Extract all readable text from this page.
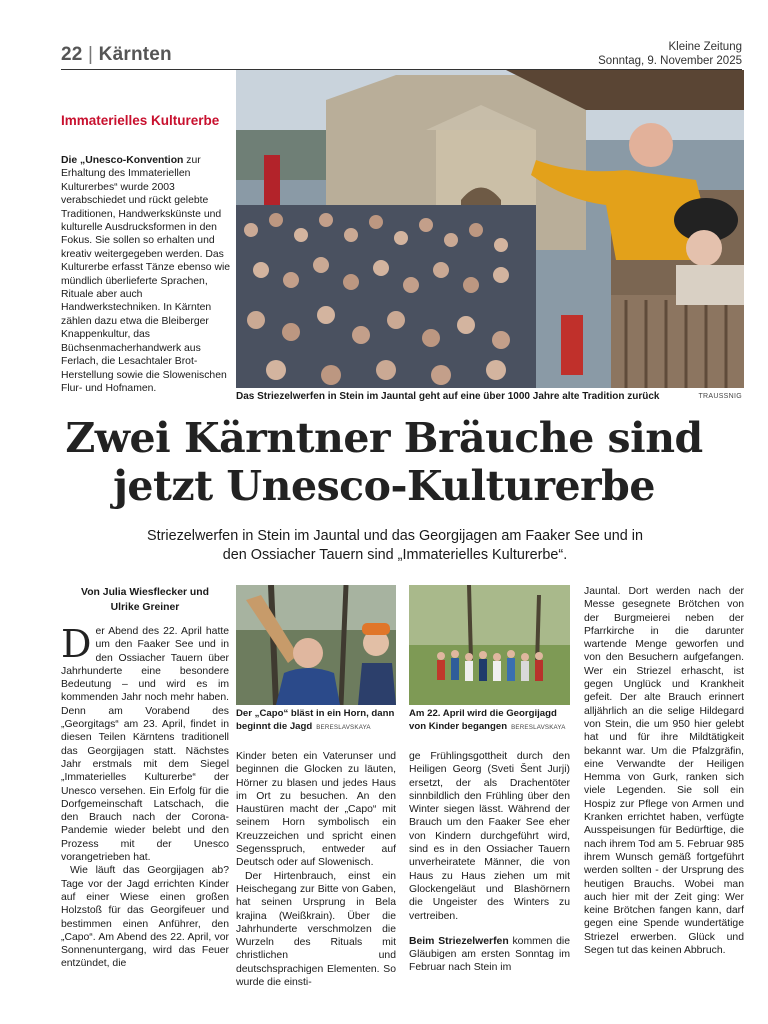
22 | Kärnten	Kleine Zeitung
Sonntag, 9. November 2025
Immaterielles Kulturerbe
Die „Unesco-Konvention zur Erhaltung des Immateriellen Kulturerbes“ wurde 2003 verabschiedet und rückt gelebte Traditionen, Handwerkskünste und kulturelle Ausdrucksformen in den Fokus. Sie sollen so erhalten und kreativ weitergegeben werden. Das Kulturerbe erfasst Tänze ebenso wie mündlich überlieferte Sprachen, Rituale aber auch Handwerkstechniken. In Kärnten zählen dazu etwa die Bleiberger Knappenkultur, das Büchsenmacherhandwerk aus Ferlach, die Lesachtaler Brot-Herstellung sowie die Slowenischen Flur- und Hofnamen.
Das Striezelwerfen in Stein im Jauntal geht auf eine über 1000 Jahre alte Tradition zurück	TRAUSSNIG
Zwei Kärntner Bräuche sind
jetzt Unesco-Kulturerbe
Striezelwerfen in Stein im Jauntal und das Georgijagen am Faaker See und in den Ossiacher Tauern sind „Immaterielles Kulturerbe“.
Von Julia Wiesflecker und
Ulrike Greiner
D er Abend des 22. April hatte um den Faaker See und in den Ossiacher Tauern über Jahrhunderte eine besondere Bedeutung – und wird es im kommenden Jahr noch mehr haben. Denn am Vorabend des „Georgitags“ am 23. April, findet in diesen Teilen Kärntens traditionell das Georgijagen statt. Nächstes Jahr erstmals mit dem Siegel „Immaterielles Kulturerbe“ der Unesco versehen. Ein Erfolg für die Dorfgemeinschaft Latschach, die den Brauch nach der Corona-Pandemie wieder belebt und den Prozess mit der Unesco vorangetrieben hat.
Wie läuft das Georgijagen ab? Tage vor der Jagd errichten Kinder auf einer Wiese einen großen Holzstoß für das Georgifeuer und bestimmen einen Anführer, den „Capo“. Am Abend des 22. April, vor Sonnenuntergang, wird das Feuer entzündet, die
Der „Capo“ bläst in ein Horn, dann beginnt die Jagd BERESLAVSKAYA
Am 22. April wird die Georgijagd von Kinder begangen BERESLAVSKAYA
Kinder beten ein Vaterunser und beginnen die Glocken zu läuten, Hörner zu blasen und jedes Haus im Ort zu besuchen. An den Haustüren macht der „Capo“ mit seinem Horn symbolisch ein Kreuzzeichen und spricht einen Segensspruch, entweder auf Deutsch oder auf Slowenisch.
Der Hirtenbrauch, einst ein Heischegang zur Bitte von Gaben, hat seinen Ursprung in Bela krajina (Weißkrain). Über die Jahrhunderte verschmolzen die Wurzeln des Rituals mit christlichen und deutschsprachigen Elementen. So wurde die einsti-
ge Frühlingsgottheit durch den Heiligen Georg (Sveti Šent Jurji) ersetzt, der als Drachentöter sinnbildlich den Frühling über den Winter siegen lässt. Während der Brauch um den Faaker See eher von Kindern durchgeführt wird, sind es in den Ossiacher Tauern unverheiratete Männer, die von Haus zu Haus ziehen um mit Glockengeläut und Blashörnern die Ungeister des Winters zu vertreiben.
Beim Striezelwerfen kommen die Gläubigen am ersten Sonntag im Februar nach Stein im
Jauntal. Dort werden nach der Messe gesegnete Brötchen von der Burgmeierei neben der Pfarrkirche in die darunter wartende Menge geworfen und von den Besuchern aufgefangen. Wer ein Striezel erhascht, ist gegen Unglück und Krankheit gefeit. Der alte Brauch erinnert alljährlich an die selige Hildegard von Stein, die um 950 hier gelebt hat und für ihre Mildtätigkeit bekannt war. Um die Pfalzgräfin, eine Verwandte der Heiligen Hemma von Gurk, ranken sich viele Legenden. Sie soll ein Hospiz zur Pflege von Armen und Kranken errichtet haben, verfügte Ausspeisungen für Bedürftige, die nach ihrem Tod am 5. Februar 985 ihrem Wunsch gemäß fortgeführt werden sollten - der Ursprung des heutigen Brauchs. Wobei man auch hier mit der Zeit ging: Wer keine Brötchen fangen kann, darf gegen eine Spende wundertätige Striezel erwerben. Glück und Segen tut das keinen Abbruch.
